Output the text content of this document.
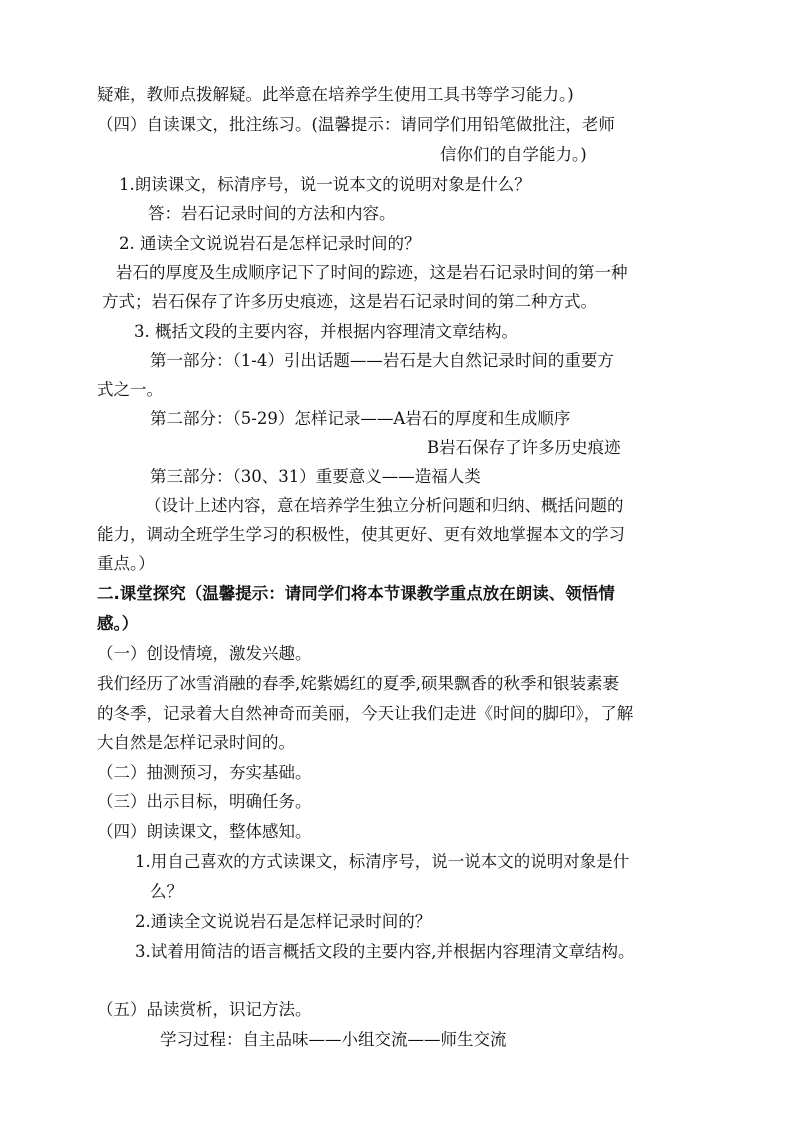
疑难，教师点拨解疑。此举意在培养学生使用工具书等学习能力。)
（四）自读课文，批注练习。(温馨提示：请同学们用铅笔做批注，老师
信你们的自学能力。)
1.朗读课文，标清序号，说一说本文的说明对象是什么？
答：岩石记录时间的方法和内容。
2. 通读全文说说岩石是怎样记录时间的？
岩石的厚度及生成顺序记下了时间的踪迹，这是岩石记录时间的第一种
方式；岩石保存了许多历史痕迹，这是岩石记录时间的第二种方式。
3. 概括文段的主要内容，并根据内容理清文章结构。
第一部分：（1-4）引出话题——岩石是大自然记录时间的重要方
式之一。
第二部分：（5-29）怎样记录——A岩石的厚度和生成顺序
B岩石保存了许多历史痕迹
第三部分：（30、31）重要意义——造福人类
（设计上述内容，意在培养学生独立分析问题和归纳、概括问题的
能力，调动全班学生学习的积极性，使其更好、更有效地掌握本文的学习
重点。）
二.课堂探究（温馨提示：请同学们将本节课教学重点放在朗读、领悟情
感。）
（一）创设情境，激发兴趣。
我们经历了冰雪消融的春季,姹紫嫣红的夏季,硕果飘香的秋季和银装素裹
的冬季，记录着大自然神奇而美丽，今天让我们走进《时间的脚印》，了解
大自然是怎样记录时间的。
（二）抽测预习，夯实基础。
（三）出示目标，明确任务。
（四）朗读课文，整体感知。
1.用自己喜欢的方式读课文，标清序号，说一说本文的说明对象是什
么？
2.通读全文说说岩石是怎样记录时间的？
3.试着用简洁的语言概括文段的主要内容,并根据内容理清文章结构。
（五）品读赏析，识记方法。
学习过程：自主品味——小组交流——师生交流
